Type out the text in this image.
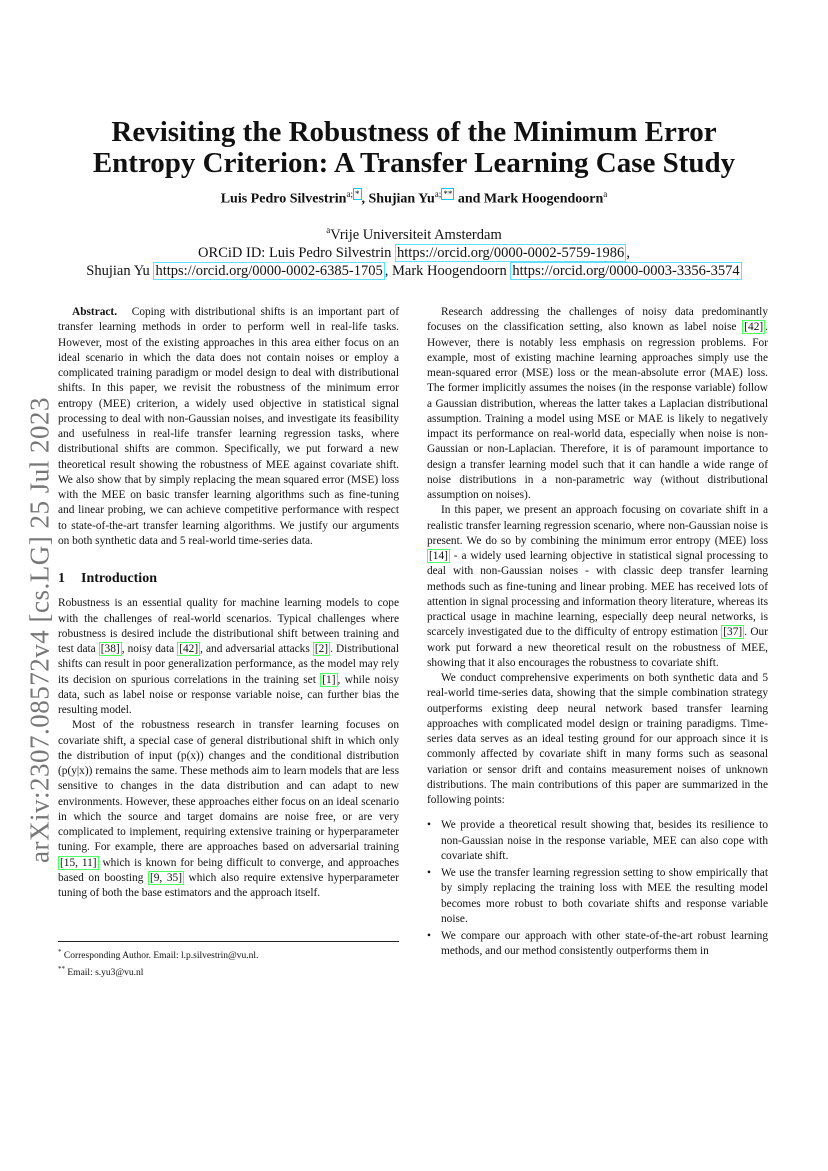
arXiv:2307.08572v4 [cs.LG] 25 Jul 2023
Revisiting the Robustness of the Minimum Error Entropy Criterion: A Transfer Learning Case Study
Luis Pedro Silvestrin$^{a; *}$ , Shujian $Yu^{a; **}$ and Mark Hoogendoorn$^a$
$^a$Vrije Universiteit Amsterdam
ORCiD ID: Luis Pedro Silvestrin https://orcid.org/0000-0002-5759-1986 ,
Shujian Yu https://orcid.org/0000-0002-6385-1705 , Mark Hoogendoorn https://orcid.org/0000-0003-3356-3574

Abstract. Coping with distributional shifts is an important part of transfer learning methods in order to perform well in real-life tasks. However, most of the existing approaches in this area either focus on an ideal scenario in which the data does not contain noises or employ a complicated training paradigm or model design to deal with distributional shifts. In this paper, we revisit the robustness of the minimum error entropy (MEE) criterion, a widely used objective in statistical signal processing to deal with non-Gaussian noises, and investigate its feasibility and usefulness in real-life transfer learning regression tasks, where distributional shifts are common. Specifically, we put forward a new theoretical result showing the robustness of MEE against covariate shift. We also show that by simply replacing the mean squared error (MSE) loss with the MEE on basic transfer learning algorithms such as fine-tuning and linear probing, we can achieve competitive performance with respect to state-of-the-art transfer learning algorithms. We justify our arguments on both synthetic data and 5 real-world time-series data.

1 Introduction

Robustness is an essential quality for machine learning models to cope with the challenges of real-world scenarios. Typical challenges where robustness is desired include the distributional shift between training and test data [38] , noisy data [42] , and adversarial attacks [2] . Distributional shifts can result in poor generalization performance, as the model may rely its decision on spurious correlations in the training set [1] , while noisy data, such as label noise or response variable noise, can further bias the resulting model.

Most of the robustness research in transfer learning focuses on covariate shift, a special case of general distributional shift in which only the distribution of input (p(x)) changes and the conditional distribution (p(y|x)) remains the same. These methods aim to learn models that are less sensitive to changes in the data distribution and can adapt to new environments. However, these approaches either focus on an ideal scenario in which the source and target domains are noise free, or are very complicated to implement, requiring extensive training or hyperparameter tuning. For example, there are approaches based on adversarial training [15, 11] which is known for being difficult to converge, and approaches based on boosting [9, 35] which also require extensive hyperparameter tuning of both the base estimators and the approach itself.

* Corresponding Author. Email: l.p.silvestrin@vu.nl.
** Email: s.yu3@vu.nl

Research addressing the challenges of noisy data predominantly focuses on the classification setting, also known as label noise [42] . However, there is notably less emphasis on regression problems. For example, most of existing machine learning approaches simply use the mean-squared error (MSE) loss or the mean-absolute error (MAE) loss. The former implicitly assumes the noises (in the response variable) follow a Gaussian distribution, whereas the latter takes a Laplacian distributional assumption. Training a model using MSE or MAE is likely to negatively impact its performance on real-world data, especially when noise is non-Gaussian or non-Laplacian. Therefore, it is of paramount importance to design a transfer learning model such that it can handle a wide range of noise distributions in a non-parametric way (without distributional assumption on noises).

In this paper, we present an approach focusing on covariate shift in a realistic transfer learning regression scenario, where non-Gaussian noise is present. We do so by combining the minimum error entropy (MEE) loss [14] - a widely used learning objective in statistical signal processing to deal with non-Gaussian noises - with classic deep transfer learning methods such as fine-tuning and linear probing. MEE has received lots of attention in signal processing and information theory literature, whereas its practical usage in machine learning, especially deep neural networks, is scarcely investigated due to the difficulty of entropy estimation [37] . Our work put forward a new theoretical result on the robustness of MEE, showing that it also encourages the robustness to covariate shift.

We conduct comprehensive experiments on both synthetic data and 5 real-world time-series data, showing that the simple combination strategy outperforms existing deep neural network based transfer learning approaches with complicated model design or training paradigms. Time-series data serves as an ideal testing ground for our approach since it is commonly affected by covariate shift in many forms such as seasonal variation or sensor drift and contains measurement noises of unknown distributions. The main contributions of this paper are summarized in the following points:

• We provide a theoretical result showing that, besides its resilience to non-Gaussian noise in the response variable, MEE can also cope with covariate shift.
• We use the transfer learning regression setting to show empirically that by simply replacing the training loss with MEE the resulting model becomes more robust to both covariate shifts and response variable noise.
• We compare our approach with other state-of-the-art robust learning methods, and our method consistently outperforms them in
